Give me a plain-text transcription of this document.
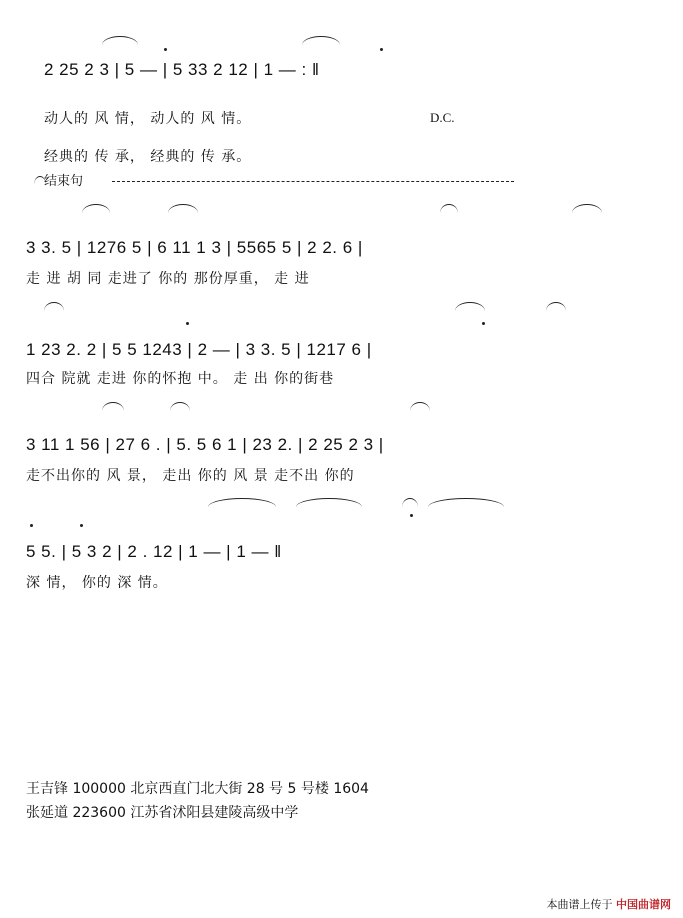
2 25 2 3 | 5 — | 5 33 2 12 | 1 — : ‖
动人的 风 情， 动人的 风 情。	D.C.
经典的 传 承， 经典的 传 承。
结束句
3 3. 5 | 1276 5 | 6 11 1 3 | 5565 5 | 2 2. 6 |
走 进 胡 同 走进了 你的 那份厚重， 走 进
1 23 2. 2 | 5 5 1243 | 2 — | 3 3. 5 | 1217 6 |
四合 院就 走进 你的怀抱 中。 走 出 你的街巷
3 11 1 56 | 27 6 . | 5. 5 6 1 | 23 2. | 2 25 2 3 |
走不出你的 风 景， 走出 你的 风 景 走不出 你的
5 5. | 5 3 2 | 2 . 12 | 1 — | 1 — ‖
深 情， 你的 深 情。
王吉锋 100000 北京西直门北大街 28 号 5 号楼 1604
张延道 223600 江苏省沭阳县建陵高级中学
本曲谱上传于 中国曲谱网
